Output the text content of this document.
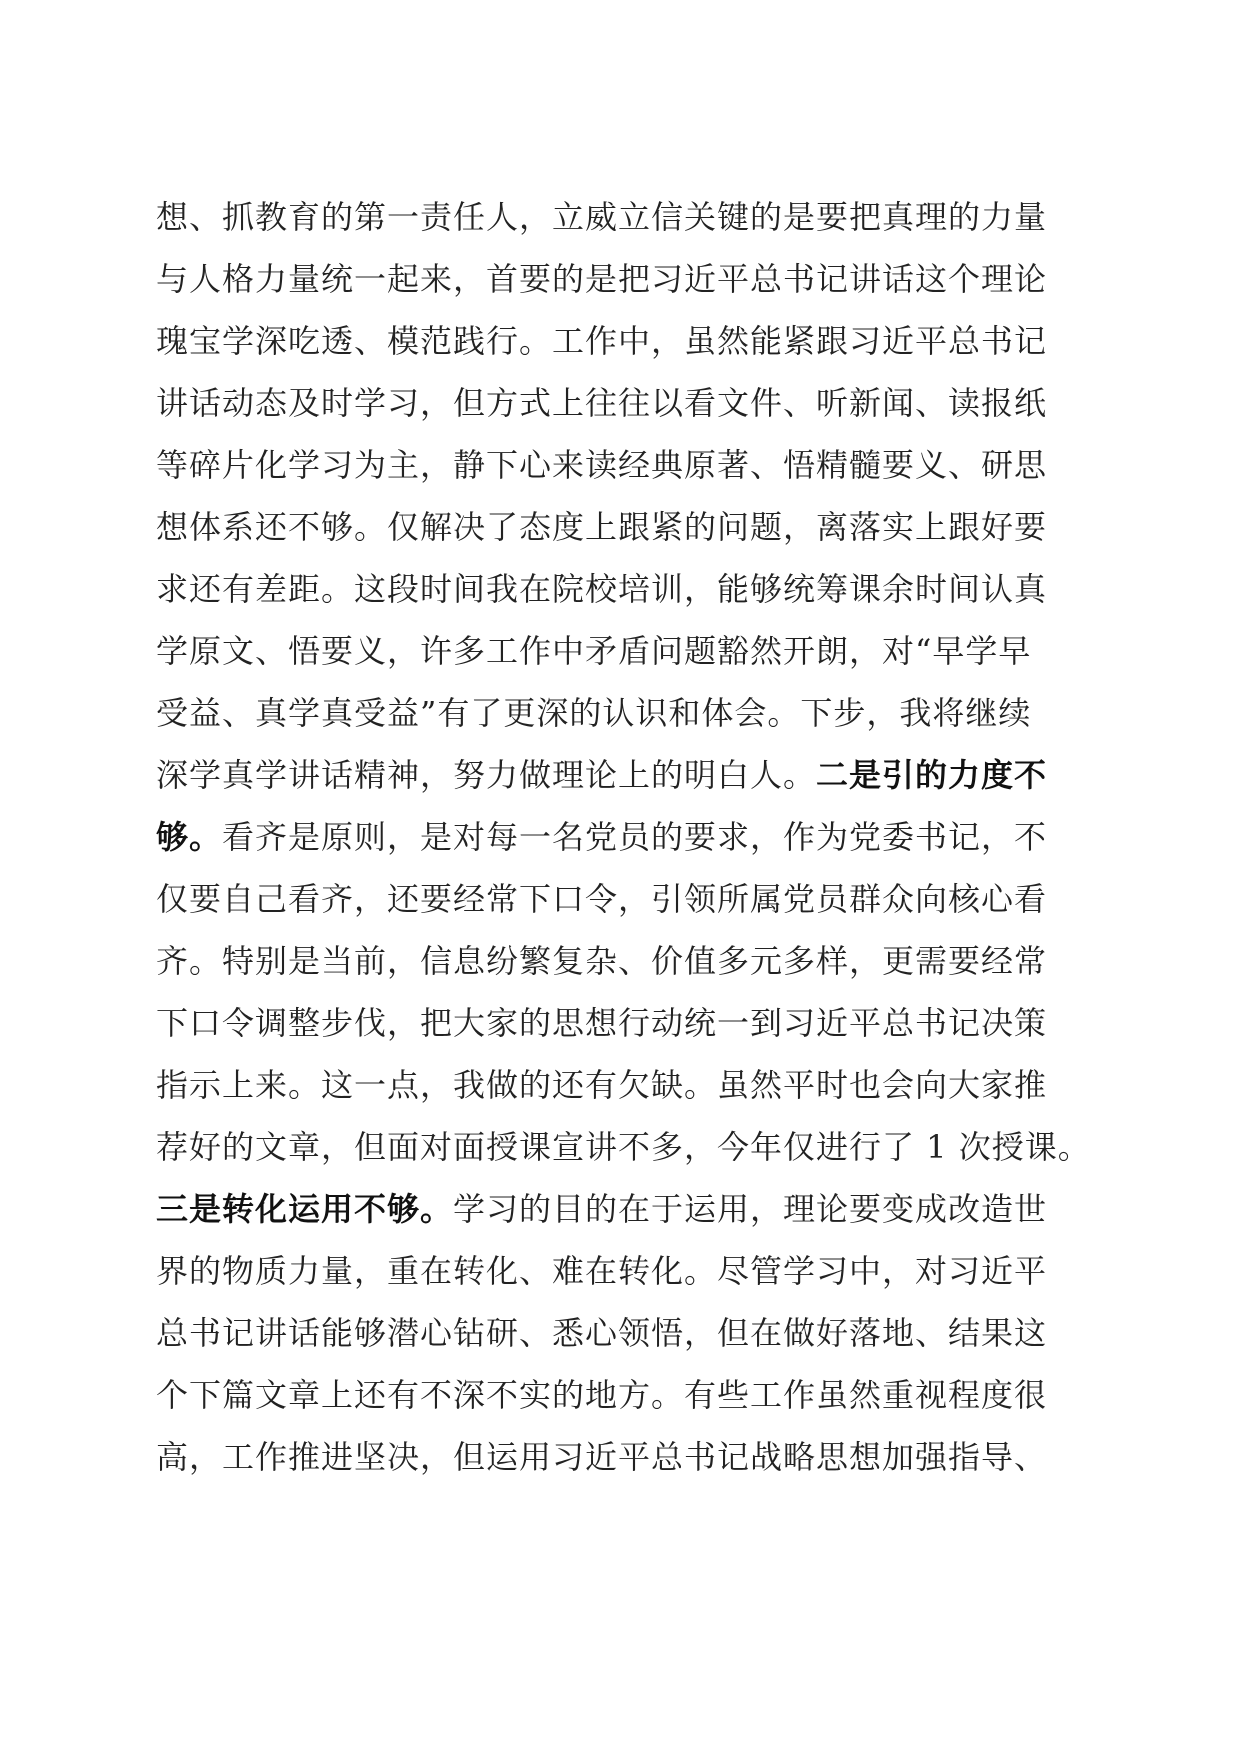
想、抓教育的第一责任人，立威立信关键的是要把真理的力量
与人格力量统一起来，首要的是把习近平总书记讲话这个理论
瑰宝学深吃透、模范践行。工作中，虽然能紧跟习近平总书记
讲话动态及时学习，但方式上往往以看文件、听新闻、读报纸
等碎片化学习为主，静下心来读经典原著、悟精髓要义、研思
想体系还不够。仅解决了态度上跟紧的问题，离落实上跟好要
求还有差距。这段时间我在院校培训，能够统筹课余时间认真
学原文、悟要义，许多工作中矛盾问题豁然开朗，对“早学早
受益、真学真受益”有了更深的认识和体会。下步，我将继续
深学真学讲话精神，努力做理论上的明白人。二是引的力度不
够。看齐是原则，是对每一名党员的要求，作为党委书记，不
仅要自己看齐，还要经常下口令，引领所属党员群众向核心看
齐。特别是当前，信息纷繁复杂、价值多元多样，更需要经常
下口令调整步伐，把大家的思想行动统一到习近平总书记决策
指示上来。这一点，我做的还有欠缺。虽然平时也会向大家推
荐好的文章，但面对面授课宣讲不多，今年仅进行了 1 次授课。
三是转化运用不够。学习的目的在于运用，理论要变成改造世
界的物质力量，重在转化、难在转化。尽管学习中，对习近平
总书记讲话能够潜心钻研、悉心领悟，但在做好落地、结果这
个下篇文章上还有不深不实的地方。有些工作虽然重视程度很
高，工作推进坚决，但运用习近平总书记战略思想加强指导、
